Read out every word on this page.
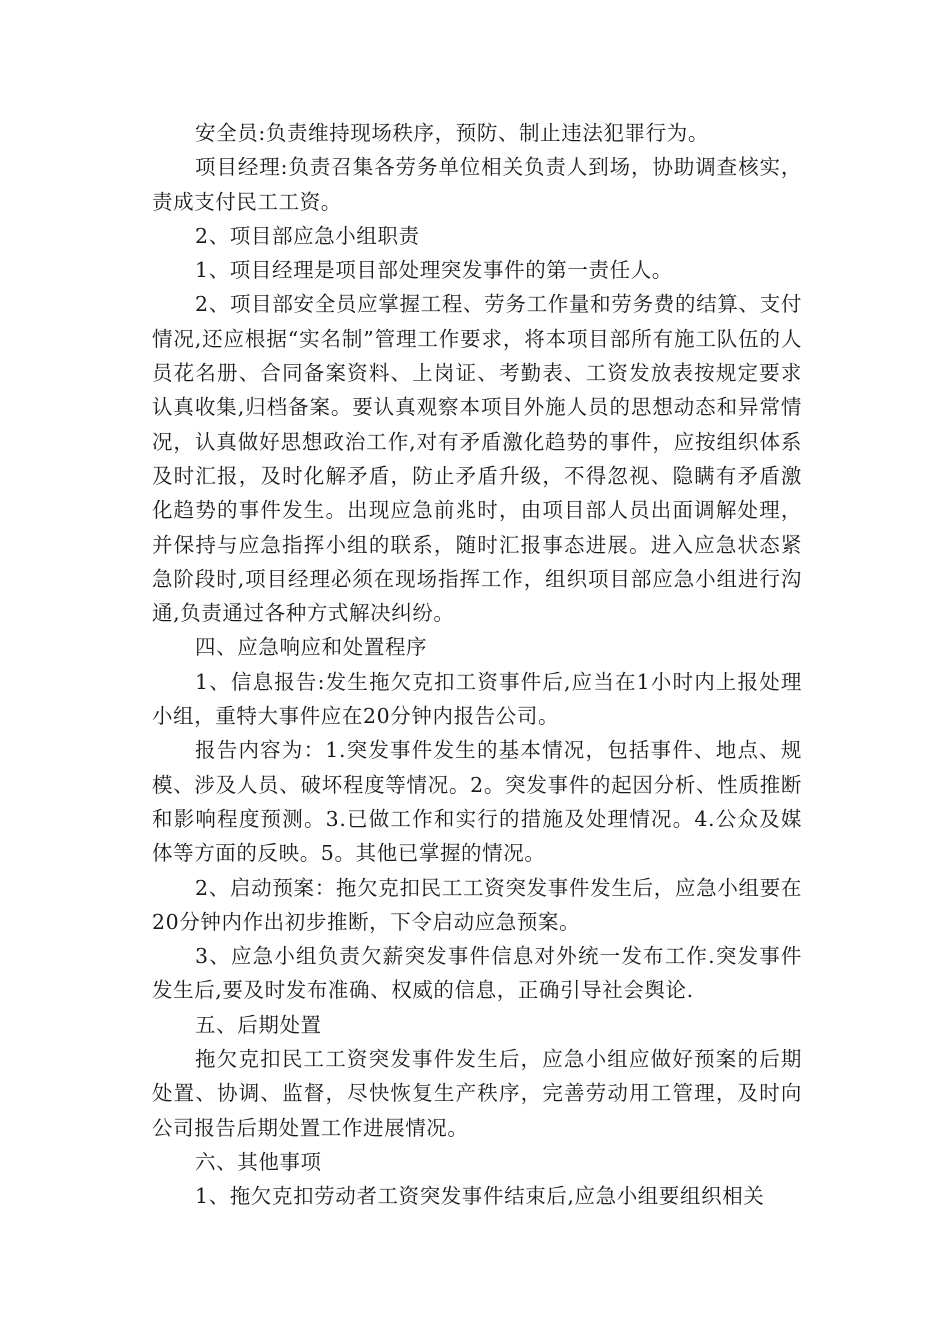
安全员:负责维持现场秩序，预防、制止违法犯罪行为。

项目经理:负责召集各劳务单位相关负责人到场，协助调查核实，责成支付民工工资。

2、项目部应急小组职责

1、项目经理是项目部处理突发事件的第一责任人。

2、项目部安全员应掌握工程、劳务工作量和劳务费的结算、支付情况,还应根据“实名制”管理工作要求，将本项目部所有施工队伍的人员花名册、合同备案资料、上岗证、考勤表、工资发放表按规定要求认真收集,归档备案。要认真观察本项目外施人员的思想动态和异常情况，认真做好思想政治工作,对有矛盾激化趋势的事件，应按组织体系及时汇报，及时化解矛盾，防止矛盾升级，不得忽视、隐瞒有矛盾激化趋势的事件发生。出现应急前兆时，由项目部人员出面调解处理，并保持与应急指挥小组的联系，随时汇报事态进展。进入应急状态紧急阶段时,项目经理必须在现场指挥工作，组织项目部应急小组进行沟通,负责通过各种方式解决纠纷。

四、应急响应和处置程序

1、信息报告:发生拖欠克扣工资事件后,应当在1小时内上报处理小组，重特大事件应在20分钟内报告公司。

报告内容为：1.突发事件发生的基本情况，包括事件、地点、规模、涉及人员、破坏程度等情况。2。突发事件的起因分析、性质推断和影响程度预测。3.已做工作和实行的措施及处理情况。4.公众及媒体等方面的反映。5。其他已掌握的情况。

2、启动预案：拖欠克扣民工工资突发事件发生后，应急小组要在20分钟内作出初步推断，下令启动应急预案。

3、应急小组负责欠薪突发事件信息对外统一发布工作.突发事件发生后,要及时发布准确、权威的信息，正确引导社会舆论.

五、后期处置

拖欠克扣民工工资突发事件发生后，应急小组应做好预案的后期处置、协调、监督，尽快恢复生产秩序，完善劳动用工管理，及时向公司报告后期处置工作进展情况。

六、其他事项

1、拖欠克扣劳动者工资突发事件结束后,应急小组要组织相关
